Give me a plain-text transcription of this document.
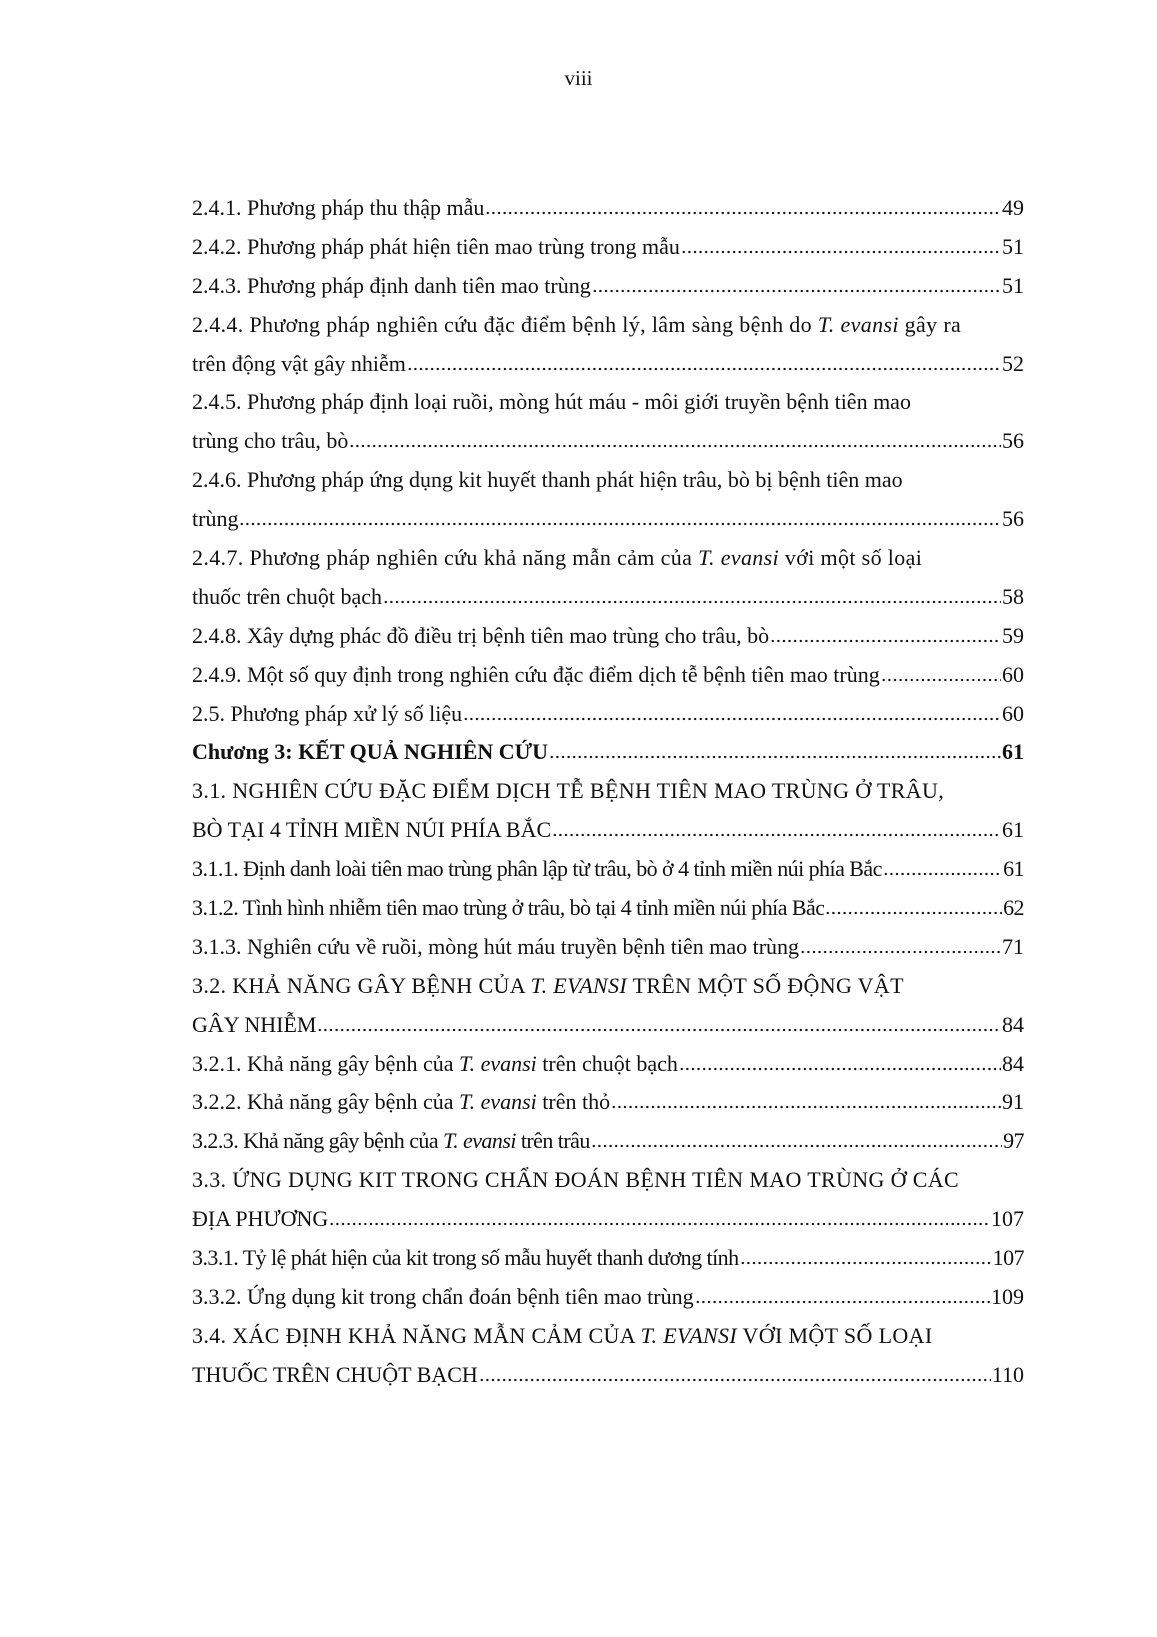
viii
2.4.1. Phương pháp thu thập mẫu	49
2.4.2. Phương pháp phát hiện tiên mao trùng trong mẫu	51
2.4.3. Phương pháp định danh tiên mao trùng	51
2.4.4. Phương pháp nghiên cứu đặc điểm bệnh lý, lâm sàng bệnh do T. evansi gây ra
trên động vật gây nhiễm	52
2.4.5. Phương pháp định loại ruồi, mòng hút máu - môi giới truyền bệnh tiên mao
trùng cho trâu, bò	56
2.4.6. Phương pháp ứng dụng kit huyết thanh phát hiện trâu, bò bị bệnh tiên mao
trùng	56
2.4.7. Phương pháp nghiên cứu khả năng mẫn cảm của T. evansi với một số loại
thuốc trên chuột bạch	58
2.4.8. Xây dựng phác đồ điều trị bệnh tiên mao trùng cho trâu, bò	59
2.4.9. Một số quy định trong nghiên cứu đặc điểm dịch tễ bệnh tiên mao trùng	60
2.5. Phương pháp xử lý số liệu	60
Chương 3: KẾT QUẢ NGHIÊN CỨU	61
3.1. NGHIÊN CỨU ĐẶC ĐIỂM DỊCH TỄ BỆNH TIÊN MAO TRÙNG Ở TRÂU,
BÒ TẠI 4 TỈNH MIỀN NÚI PHÍA BẮC	61
3.1.1. Định danh loài tiên mao trùng phân lập từ trâu, bò ở 4 tỉnh miền núi phía Bắc	61
3.1.2. Tình hình nhiễm tiên mao trùng ở trâu, bò tại 4 tỉnh miền núi phía Bắc	62
3.1.3. Nghiên cứu về ruồi, mòng hút máu truyền bệnh tiên mao trùng	71
3.2. KHẢ NĂNG GÂY BỆNH CỦA T. EVANSI TRÊN MỘT SỐ ĐỘNG VẬT
GÂY NHIỄM	84
3.2.1. Khả năng gây bệnh của T. evansi trên chuột bạch	84
3.2.2. Khả năng gây bệnh của T. evansi trên thỏ	91
3.2.3. Khả năng gây bệnh của T. evansi trên trâu	97
3.3. ỨNG DỤNG KIT TRONG CHẨN ĐOÁN BỆNH TIÊN MAO TRÙNG Ở CÁC
ĐỊA PHƯƠNG	107
3.3.1. Tỷ lệ phát hiện của kit trong số mẫu huyết thanh dương tính	107
3.3.2. Ứng dụng kit trong chẩn đoán bệnh tiên mao trùng	109
3.4. XÁC ĐỊNH KHẢ NĂNG MẪN CẢM CỦA T. EVANSI VỚI MỘT SỐ LOẠI
THUỐC TRÊN CHUỘT BẠCH	110
